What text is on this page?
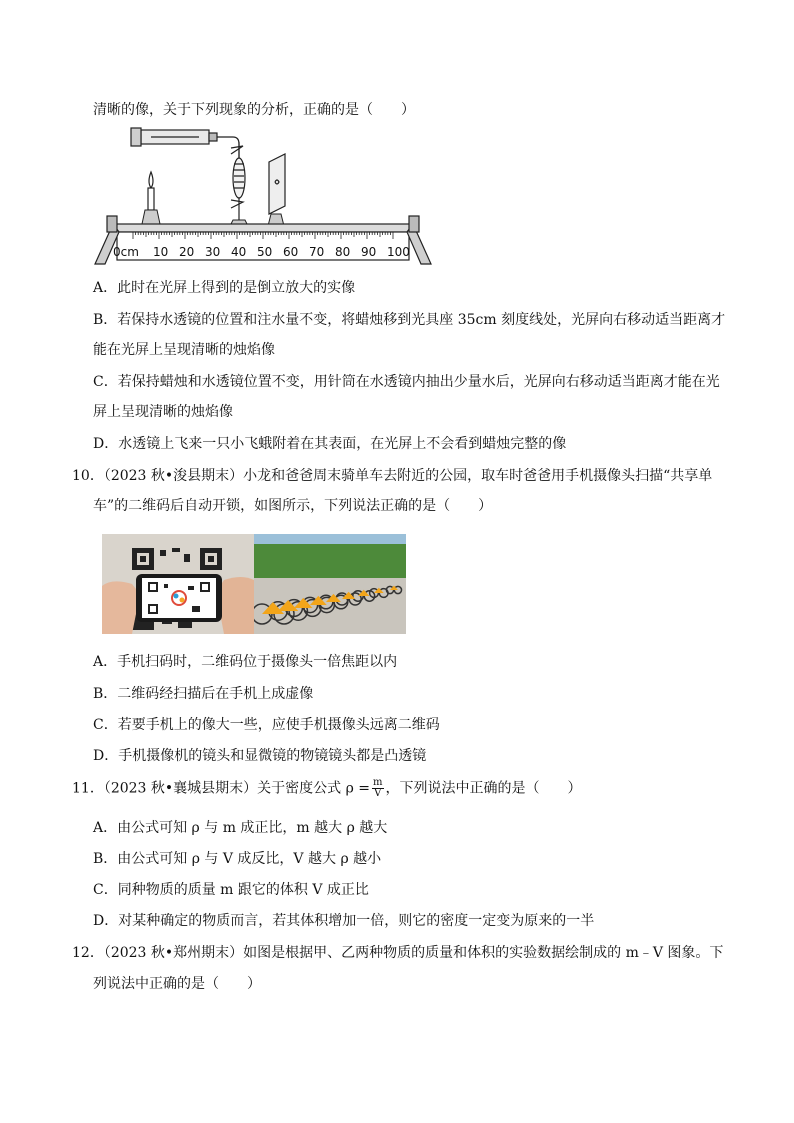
清晰的像，关于下列现象的分析，正确的是（　　）
0cm 10 20 30 40 50 60 70 80 90 100
A．此时在光屏上得到的是倒立放大的实像
B．若保持水透镜的位置和注水量不变，将蜡烛移到光具座 35cm 刻度线处，光屏向右移动适当距离才
能在光屏上呈现清晰的烛焰像
C．若保持蜡烛和水透镜位置不变，用针筒在水透镜内抽出少量水后，光屏向右移动适当距离才能在光
屏上呈现清晰的烛焰像
D．水透镜上飞来一只小飞蛾附着在其表面，在光屏上不会看到蜡烛完整的像
10．（2023 秋•浚县期末）小龙和爸爸周末骑单车去附近的公园，取车时爸爸用手机摄像头扫描“共享单
车”的二维码后自动开锁，如图所示，下列说法正确的是（　　）
A．手机扫码时，二维码位于摄像头一倍焦距以内
B．二维码经扫描后在手机上成虚像
C．若要手机上的像大一些，应使手机摄像头远离二维码
D．手机摄像机的镜头和显微镜的物镜镜头都是凸透镜
11．（2023 秋•襄城县期末）关于密度公式 $\rho = \frac{m}{V}$ ，下列说法中正确的是（　　）
A．由公式可知 ρ 与 m 成正比，m 越大 ρ 越大
B．由公式可知 ρ 与 V 成反比，V 越大 ρ 越小
C．同种物质的质量 m 跟它的体积 V 成正比
D．对某种确定的物质而言，若其体积增加一倍，则它的密度一定变为原来的一半
12．（2023 秋•郑州期末）如图是根据甲、乙两种物质的质量和体积的实验数据绘制成的 m﹣V 图象。下
列说法中正确的是（　　）
